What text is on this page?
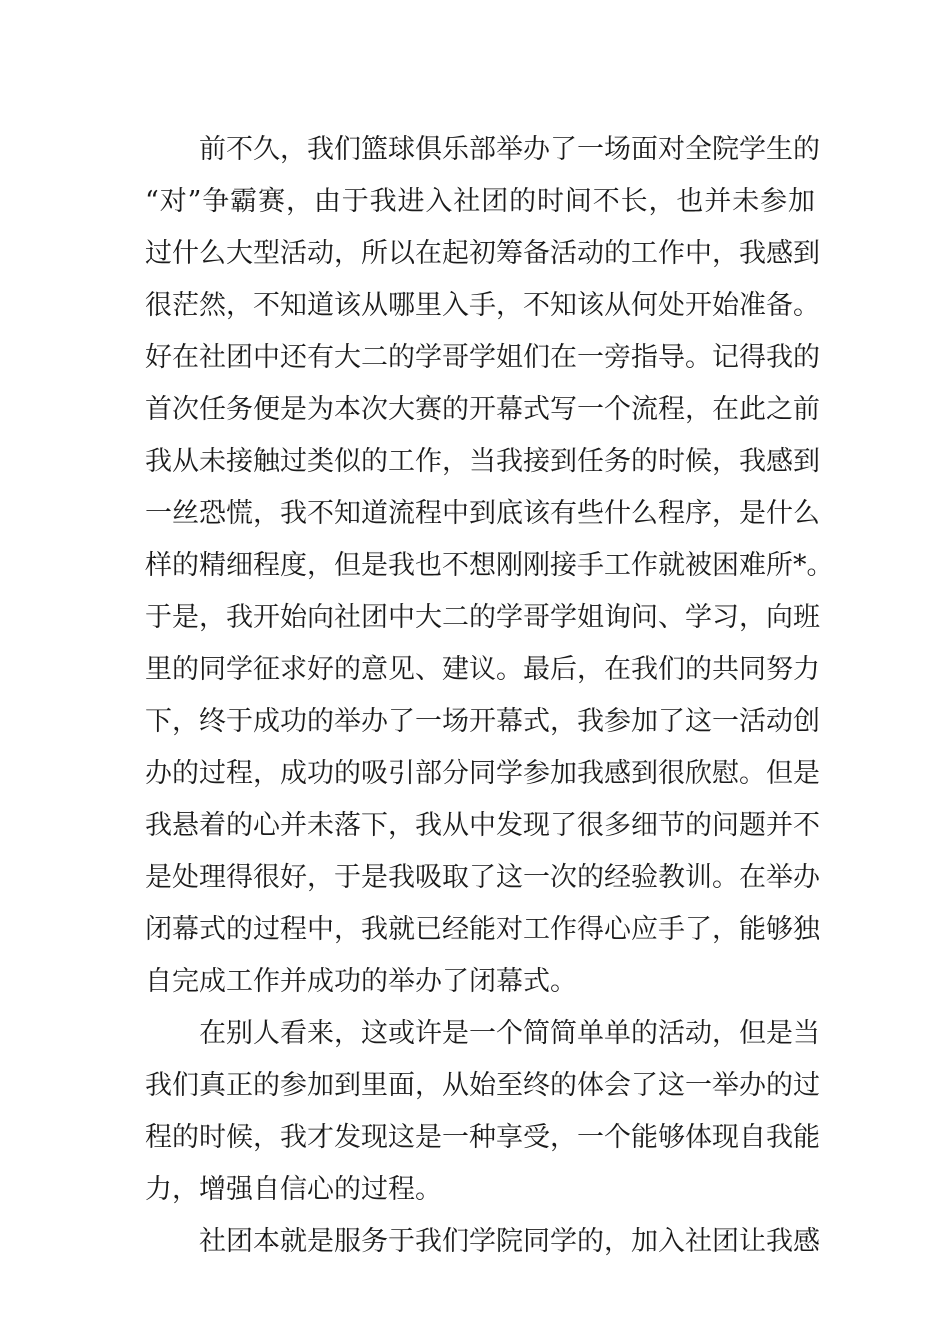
前不久，我们篮球俱乐部举办了一场面对全院学生的
“对”争霸赛，由于我进入社团的时间不长，也并未参加
过什么大型活动，所以在起初筹备活动的工作中，我感到
很茫然，不知道该从哪里入手，不知该从何处开始准备。
好在社团中还有大二的学哥学姐们在一旁指导。记得我的
首次任务便是为本次大赛的开幕式写一个流程，在此之前
我从未接触过类似的工作，当我接到任务的时候，我感到
一丝恐慌，我不知道流程中到底该有些什么程序，是什么
样的精细程度，但是我也不想刚刚接手工作就被困难所*。
于是，我开始向社团中大二的学哥学姐询问、学习，向班
里的同学征求好的意见、建议。最后，在我们的共同努力
下，终于成功的举办了一场开幕式，我参加了这一活动创
办的过程，成功的吸引部分同学参加我感到很欣慰。但是
我悬着的心并未落下，我从中发现了很多细节的问题并不
是处理得很好，于是我吸取了这一次的经验教训。在举办
闭幕式的过程中，我就已经能对工作得心应手了，能够独
自完成工作并成功的举办了闭幕式。
在别人看来，这或许是一个简简单单的活动，但是当
我们真正的参加到里面，从始至终的体会了这一举办的过
程的时候，我才发现这是一种享受，一个能够体现自我能
力，增强自信心的过程。
社团本就是服务于我们学院同学的，加入社团让我感
